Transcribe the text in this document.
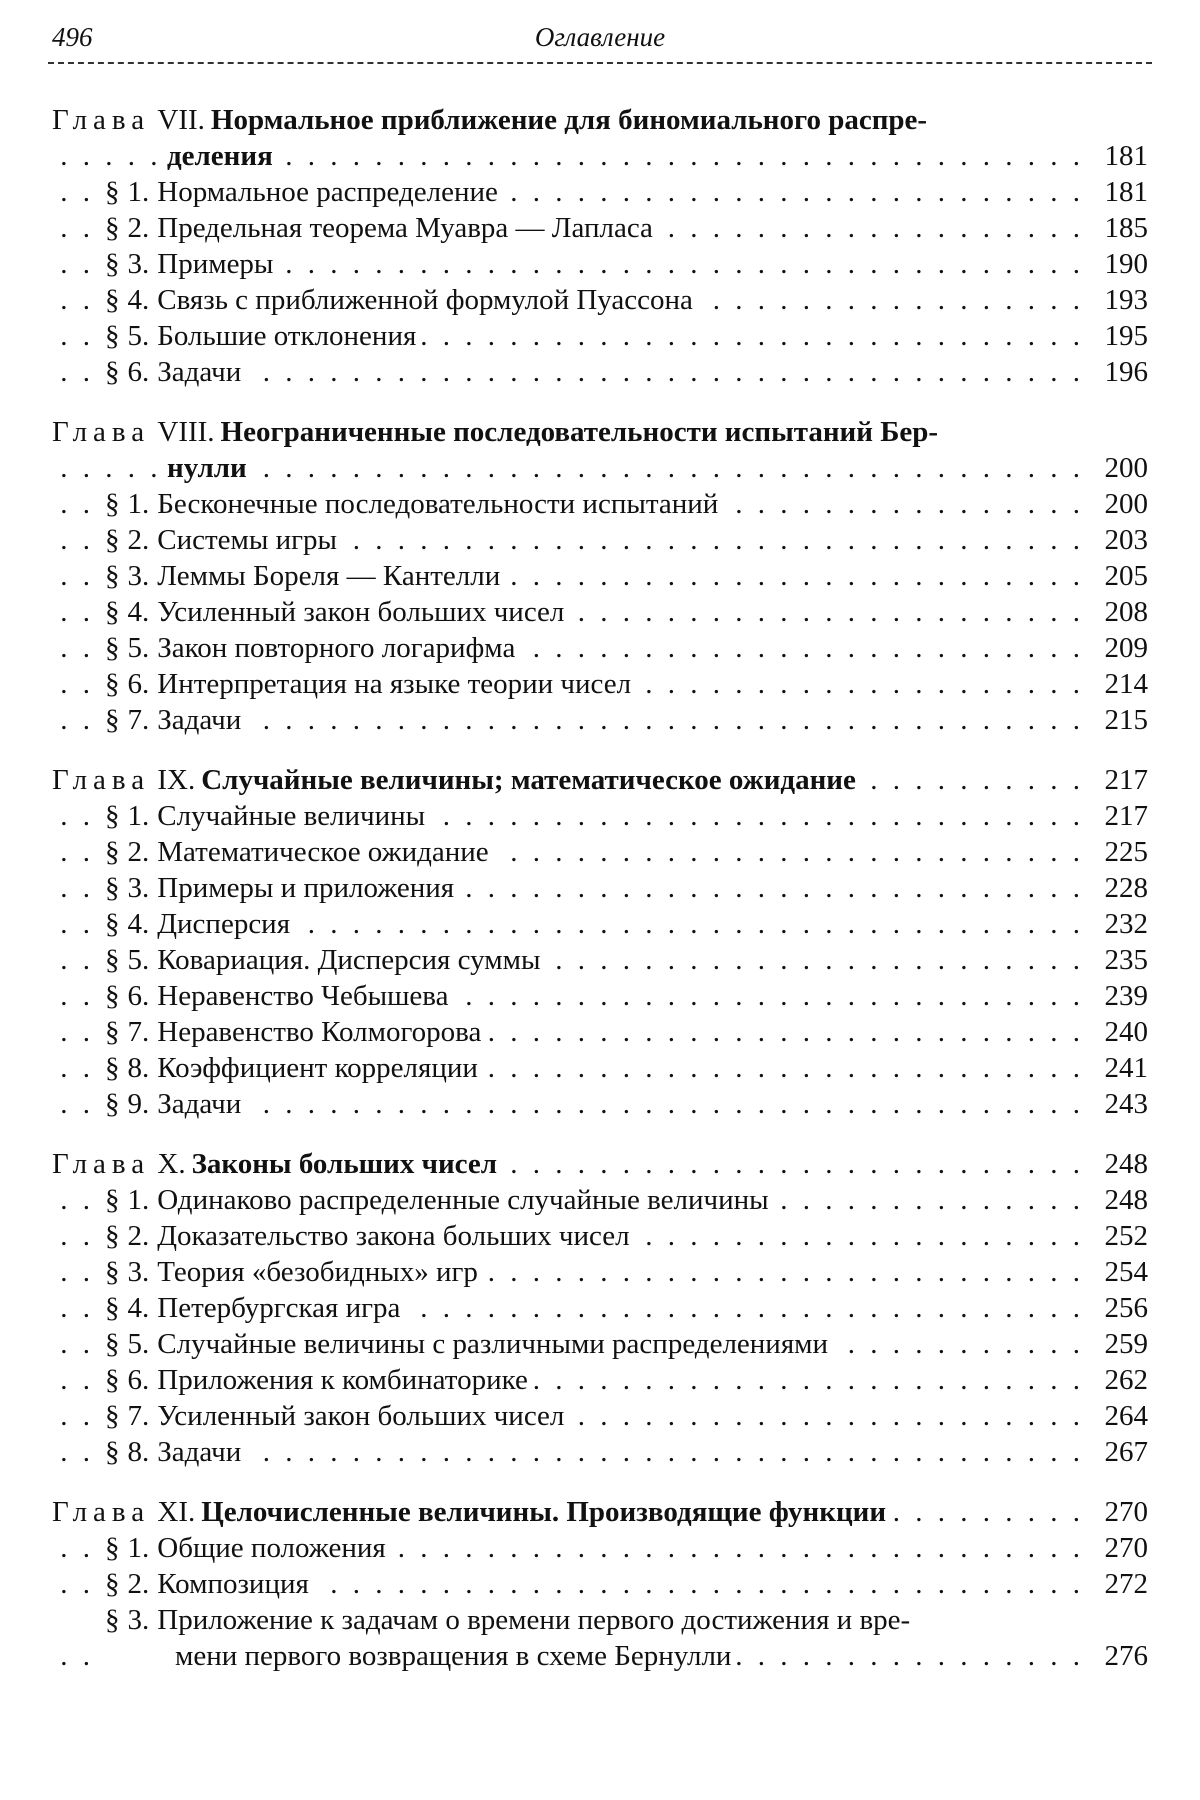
496	Оглавление
Глава VII. Нормальное приближение для биномиального распре-
. . .
деления	181
. . .
§ 1. Нормальное распределение	181
. . .
§ 2. Предельная теорема Муавра — Лапласа	185
. . .
§ 3. Примеры	190
. . .
§ 4. Связь с приближенной формулой Пуассона	193
. . .
§ 5. Большие отклонения	195
. . .
§ 6. Задачи	196
Глава VIII. Неограниченные последовательности испытаний Бер-
. . .
нулли	200
. . .
§ 1. Бесконечные последовательности испытаний	200
. . .
§ 2. Системы игры	203
. . .
§ 3. Леммы Бореля — Кантелли	205
. . .
§ 4. Усиленный закон больших чисел	208
. . .
§ 5. Закон повторного логарифма	209
. . .
§ 6. Интерпретация на языке теории чисел	214
. . .
§ 7. Задачи	215
. . .
Глава IX. Случайные величины; математическое ожидание	217
. . .
§ 1. Случайные величины	217
. . .
§ 2. Математическое ожидание	225
. . .
§ 3. Примеры и приложения	228
. . .
§ 4. Дисперсия	232
. . .
§ 5. Ковариация. Дисперсия суммы	235
. . .
§ 6. Неравенство Чебышева	239
. . .
§ 7. Неравенство Колмогорова	240
. . .
§ 8. Коэффициент корреляции	241
. . .
§ 9. Задачи	243
. . .
Глава X. Законы больших чисел	248
. . .
§ 1. Одинаково распределенные случайные величины	248
. . .
§ 2. Доказательство закона больших чисел	252
. . .
§ 3. Теория «безобидных» игр	254
. . .
§ 4. Петербургская игра	256
. . .
§ 5. Случайные величины с различными распределениями	259
. . .
§ 6. Приложения к комбинаторике	262
. . .
§ 7. Усиленный закон больших чисел	264
. . .
§ 8. Задачи	267
. . .
Глава XI. Целочисленные величины. Производящие функции	270
. . .
§ 1. Общие положения	270
. . .
§ 2. Композиция	272
§ 3. Приложение к задачам о времени первого достижения и вре-
. . .
мени первого возвращения в схеме Бернулли	276
